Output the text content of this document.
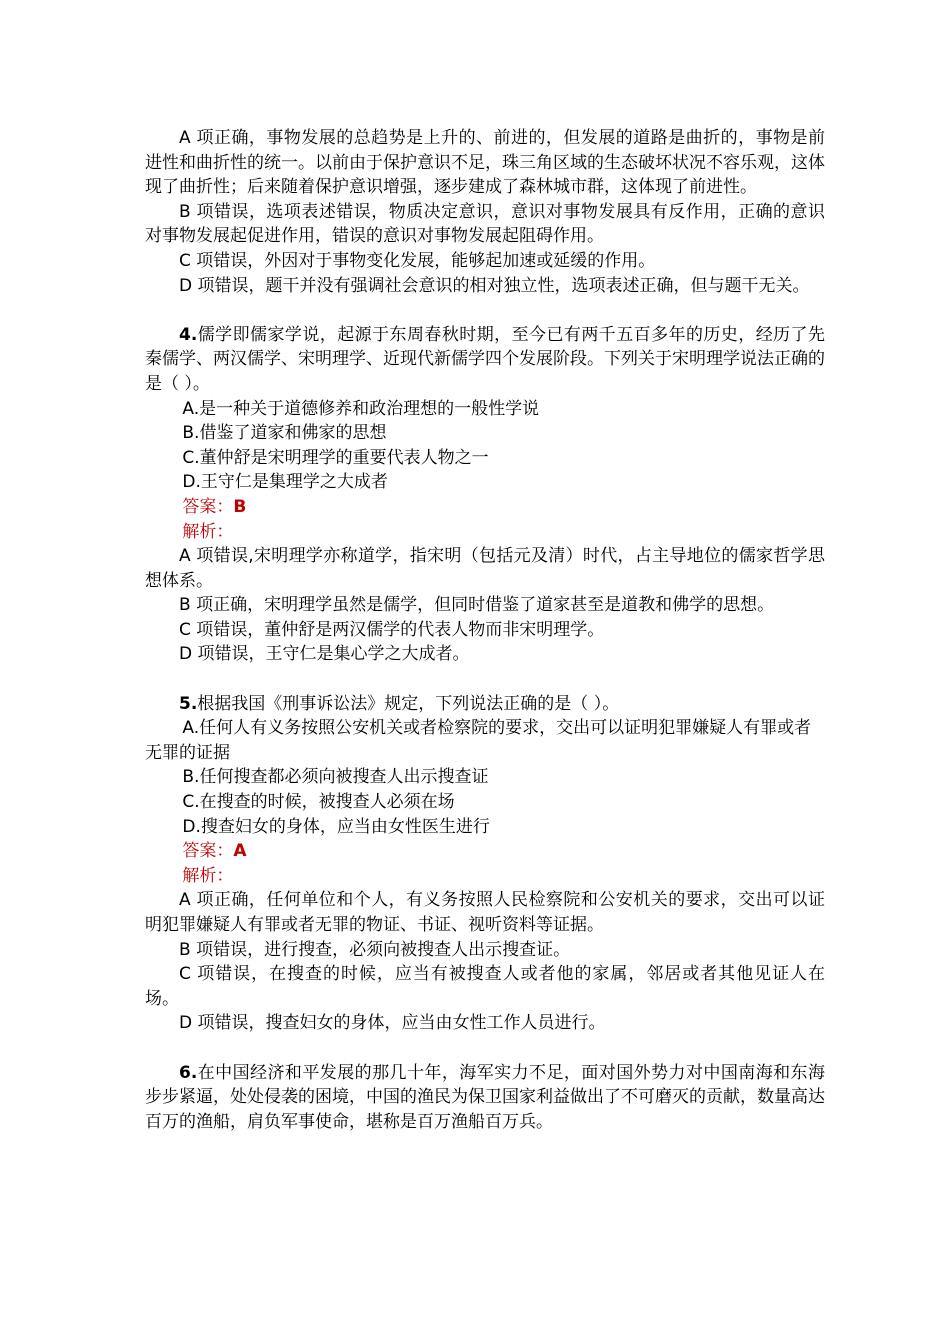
A 项正确，事物发展的总趋势是上升的、前进的，但发展的道路是曲折的，事物是前进性和曲折性的统一。以前由于保护意识不足，珠三角区域的生态破坏状况不容乐观，这体现了曲折性；后来随着保护意识增强，逐步建成了森林城市群，这体现了前进性。

B 项错误，选项表述错误，物质决定意识，意识对事物发展具有反作用，正确的意识对事物发展起促进作用，错误的意识对事物发展起阻碍作用。

C 项错误，外因对于事物变化发展，能够起加速或延缓的作用。

D 项错误，题干并没有强调社会意识的相对独立性，选项表述正确，但与题干无关。

4.儒学即儒家学说，起源于东周春秋时期，至今已有两千五百多年的历史，经历了先秦儒学、两汉儒学、宋明理学、近现代新儒学四个发展阶段。下列关于宋明理学说法正确的是（ ）。

A.是一种关于道德修养和政治理想的一般性学说

B.借鉴了道家和佛家的思想

C.董仲舒是宋明理学的重要代表人物之一

D.王守仁是集理学之大成者

答案：B

解析：

A 项错误,宋明理学亦称道学，指宋明（包括元及清）时代，占主导地位的儒家哲学思想体系。

B 项正确，宋明理学虽然是儒学，但同时借鉴了道家甚至是道教和佛学的思想。

C 项错误，董仲舒是两汉儒学的代表人物而非宋明理学。

D 项错误，王守仁是集心学之大成者。

5.根据我国《刑事诉讼法》规定，下列说法正确的是（ ）。

A.任何人有义务按照公安机关或者检察院的要求，交出可以证明犯罪嫌疑人有罪或者无罪的证据

B.任何搜查都必须向被搜查人出示搜查证

C.在搜查的时候，被搜查人必须在场

D.搜查妇女的身体，应当由女性医生进行

答案：A

解析：

A 项正确，任何单位和个人，有义务按照人民检察院和公安机关的要求，交出可以证明犯罪嫌疑人有罪或者无罪的物证、书证、视听资料等证据。

B 项错误，进行搜查，必须向被搜查人出示搜查证。

C 项错误，在搜查的时候，应当有被搜查人或者他的家属，邻居或者其他见证人在场。

D 项错误，搜查妇女的身体，应当由女性工作人员进行。

6.在中国经济和平发展的那几十年，海军实力不足，面对国外势力对中国南海和东海步步紧逼，处处侵袭的困境，中国的渔民为保卫国家利益做出了不可磨灭的贡献，数量高达百万的渔船，肩负军事使命，堪称是百万渔船百万兵。
